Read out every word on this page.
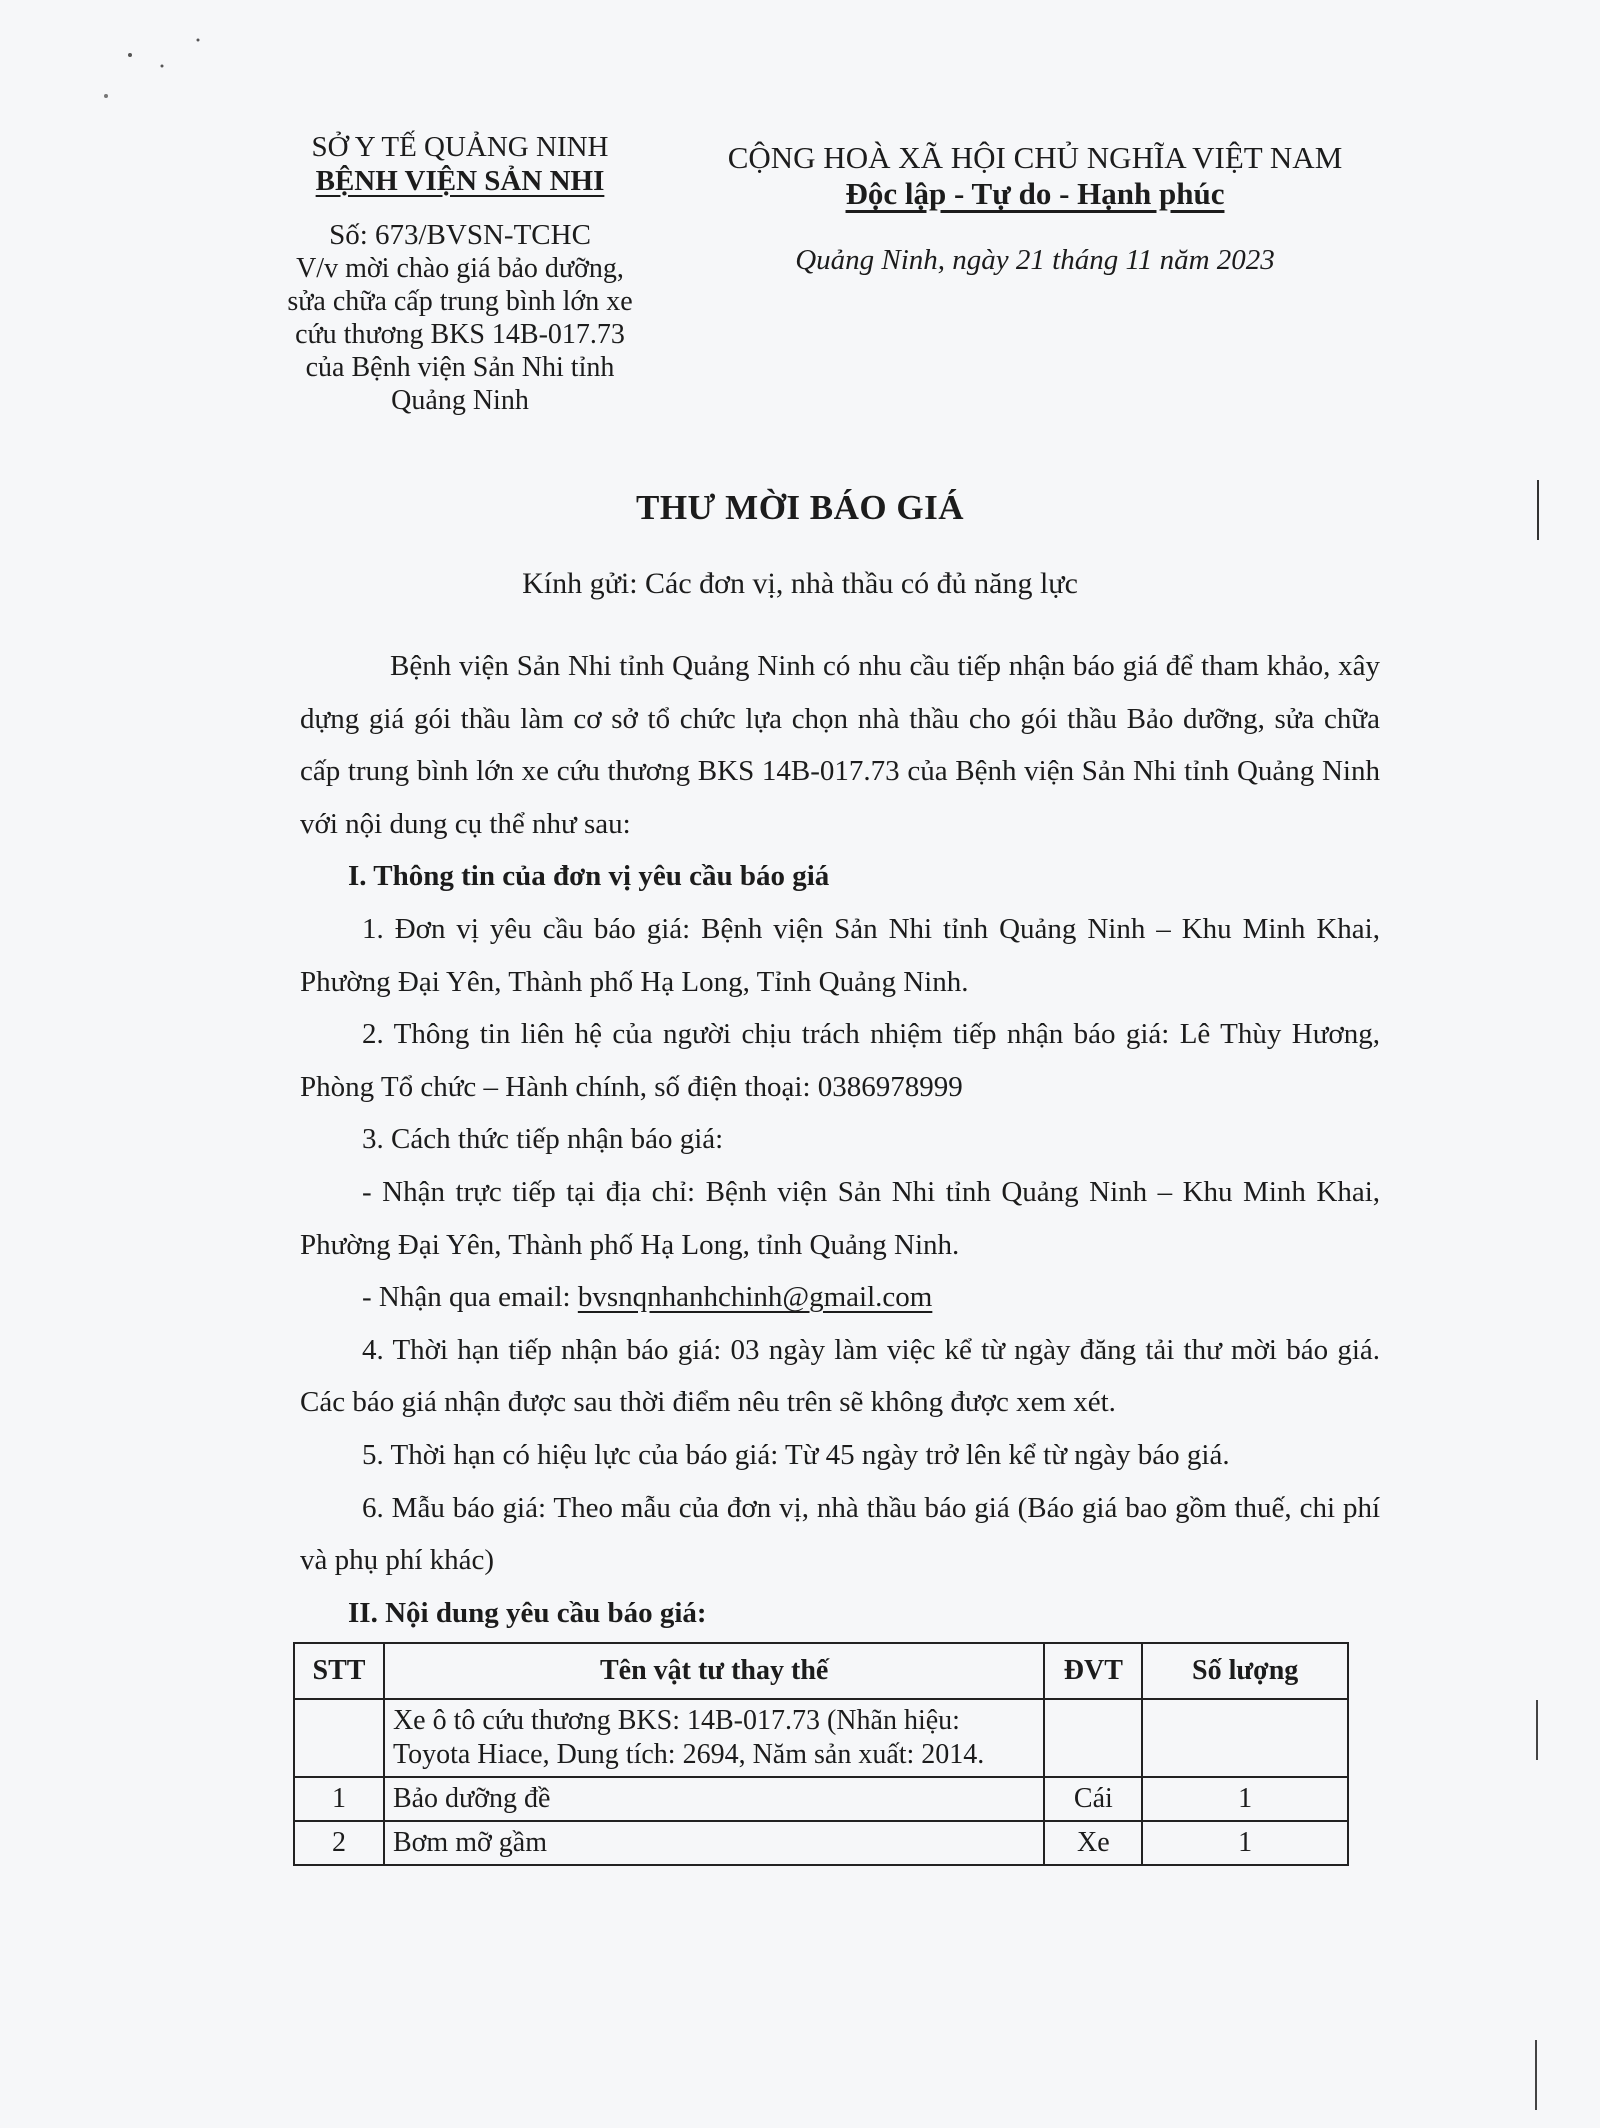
SỞ Y TẾ QUẢNG NINH
BỆNH VIỆN SẢN NHI
Số: 673/BVSN-TCHC
V/v mời chào giá bảo dưỡng,
sửa chữa cấp trung bình lớn xe
cứu thương BKS 14B-017.73
của Bệnh viện Sản Nhi tỉnh
Quảng Ninh
CỘNG HOÀ XÃ HỘI CHỦ NGHĨA VIỆT NAM
Độc lập - Tự do - Hạnh phúc
Quảng Ninh, ngày 21 tháng 11 năm 2023
THƯ MỜI BÁO GIÁ
Kính gửi: Các đơn vị, nhà thầu có đủ năng lực

Bệnh viện Sản Nhi tỉnh Quảng Ninh có nhu cầu tiếp nhận báo giá để tham khảo, xây dựng giá gói thầu làm cơ sở tổ chức lựa chọn nhà thầu cho gói thầu Bảo dưỡng, sửa chữa cấp trung bình lớn xe cứu thương BKS 14B-017.73 của Bệnh viện Sản Nhi tỉnh Quảng Ninh với nội dung cụ thể như sau:

I. Thông tin của đơn vị yêu cầu báo giá

1. Đơn vị yêu cầu báo giá: Bệnh viện Sản Nhi tỉnh Quảng Ninh – Khu Minh Khai, Phường Đại Yên, Thành phố Hạ Long, Tỉnh Quảng Ninh.

2. Thông tin liên hệ của người chịu trách nhiệm tiếp nhận báo giá: Lê Thùy Hương, Phòng Tổ chức – Hành chính, số điện thoại: 0386978999

3. Cách thức tiếp nhận báo giá:

- Nhận trực tiếp tại địa chỉ: Bệnh viện Sản Nhi tỉnh Quảng Ninh – Khu Minh Khai, Phường Đại Yên, Thành phố Hạ Long, tỉnh Quảng Ninh.

- Nhận qua email: bvsnqnhanhchinh@gmail.com

4. Thời hạn tiếp nhận báo giá: 03 ngày làm việc kể từ ngày đăng tải thư mời báo giá. Các báo giá nhận được sau thời điểm nêu trên sẽ không được xem xét.

5. Thời hạn có hiệu lực của báo giá: Từ 45 ngày trở lên kể từ ngày báo giá.

6. Mẫu báo giá: Theo mẫu của đơn vị, nhà thầu báo giá (Báo giá bao gồm thuế, chi phí và phụ phí khác)

II. Nội dung yêu cầu báo giá:

STT	Tên vật tư thay thế	ĐVT	Số lượng
	Xe ô tô cứu thương BKS: 14B-017.73 (Nhãn hiệu: Toyota Hiace, Dung tích: 2694, Năm sản xuất: 2014.		
1	Bảo dưỡng đề	Cái	1
2	Bơm mỡ gầm	Xe	1
